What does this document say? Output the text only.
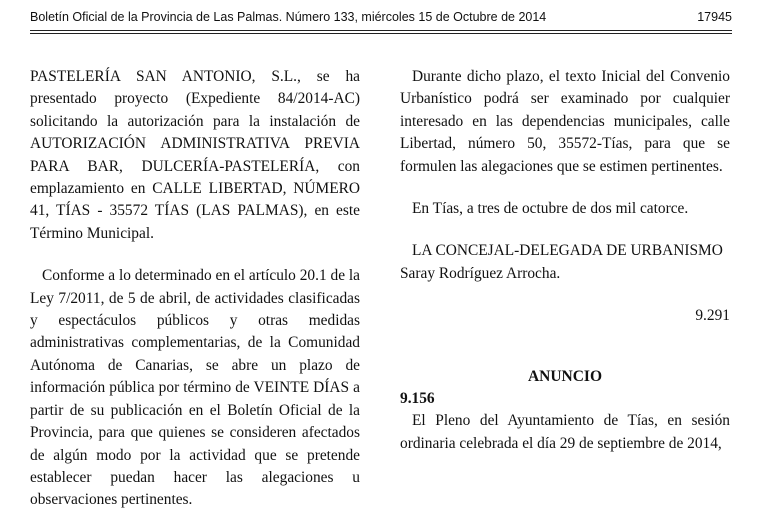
Boletín Oficial de la Provincia de Las Palmas. Número 133, miércoles 15 de Octubre de 2014	17945

PASTELERÍA SAN ANTONIO, S.L., se ha presentado proyecto (Expediente 84/2014-AC) solicitando la autorización para la instalación de AUTORIZACIÓN ADMINISTRATIVA PREVIA PARA BAR, DULCERÍA-PASTELERÍA, con emplazamiento en CALLE LIBERTAD, NÚMERO 41, TÍAS - 35572 TÍAS (LAS PALMAS), en este Término Municipal.

Conforme a lo determinado en el artículo 20.1 de la Ley 7/2011, de 5 de abril, de actividades clasificadas y espectáculos públicos y otras medidas administrativas complementarias, de la Comunidad Autónoma de Canarias, se abre un plazo de información pública por término de VEINTE DÍAS a partir de su publicación en el Boletín Oficial de la Provincia, para que quienes se consideren afectados de algún modo por la actividad que se pretende establecer puedan hacer las alegaciones u observaciones pertinentes.

Durante dicho plazo, el texto Inicial del Convenio Urbanístico podrá ser examinado por cualquier interesado en las dependencias municipales, calle Libertad, número 50, 35572-Tías, para que se formulen las alegaciones que se estimen pertinentes.

En Tías, a tres de octubre de dos mil catorce.

LA CONCEJAL-DELEGADA DE URBANISMO

Saray Rodríguez Arrocha.

9.291

ANUNCIO

9.156

El Pleno del Ayuntamiento de Tías, en sesión ordinaria celebrada el día 29 de septiembre de 2014,
